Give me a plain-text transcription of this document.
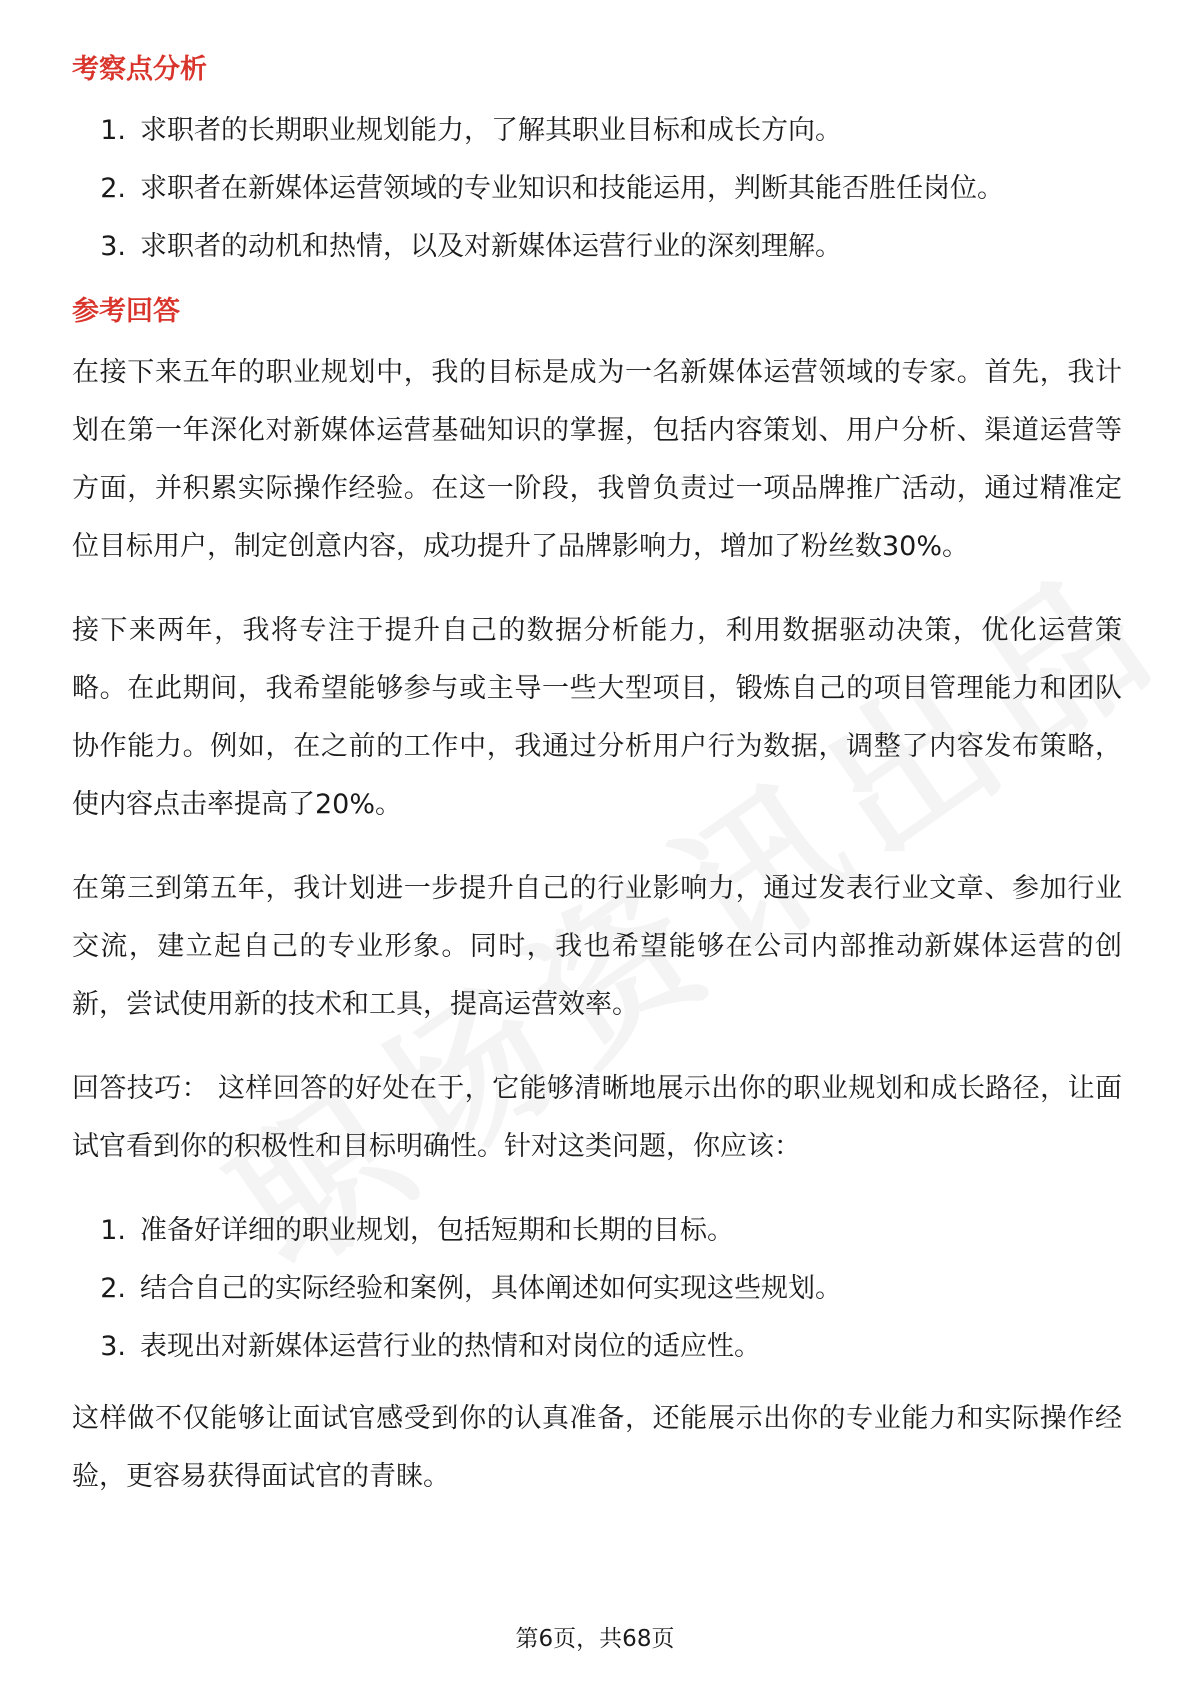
考察点分析
1. 求职者的长期职业规划能力，了解其职业目标和成长方向。
2. 求职者在新媒体运营领域的专业知识和技能运用，判断其能否胜任岗位。
3. 求职者的动机和热情，以及对新媒体运营行业的深刻理解。
参考回答

在接下来五年的职业规划中，我的目标是成为一名新媒体运营领域的专家。首先，我计划在第一年深化对新媒体运营基础知识的掌握，包括内容策划、用户分析、渠道运营等方面，并积累实际操作经验。在这一阶段，我曾负责过一项品牌推广活动，通过精准定位目标用户，制定创意内容，成功提升了品牌影响力，增加了粉丝数30%。

接下来两年，我将专注于提升自己的数据分析能力，利用数据驱动决策，优化运营策略。在此期间，我希望能够参与或主导一些大型项目，锻炼自己的项目管理能力和团队协作能力。例如，在之前的工作中，我通过分析用户行为数据，调整了内容发布策略，使内容点击率提高了20%。

在第三到第五年，我计划进一步提升自己的行业影响力，通过发表行业文章、参加行业交流，建立起自己的专业形象。同时，我也希望能够在公司内部推动新媒体运营的创新，尝试使用新的技术和工具，提高运营效率。

回答技巧： 这样回答的好处在于，它能够清晰地展示出你的职业规划和成长路径，让面试官看到你的积极性和目标明确性。针对这类问题，你应该：

1. 准备好详细的职业规划，包括短期和长期的目标。
2. 结合自己的实际经验和案例，具体阐述如何实现这些规划。
3. 表现出对新媒体运营行业的热情和对岗位的适应性。

这样做不仅能够让面试官感受到你的认真准备，还能展示出你的专业能力和实际操作经验，更容易获得面试官的青睐。

第6页，共68页
